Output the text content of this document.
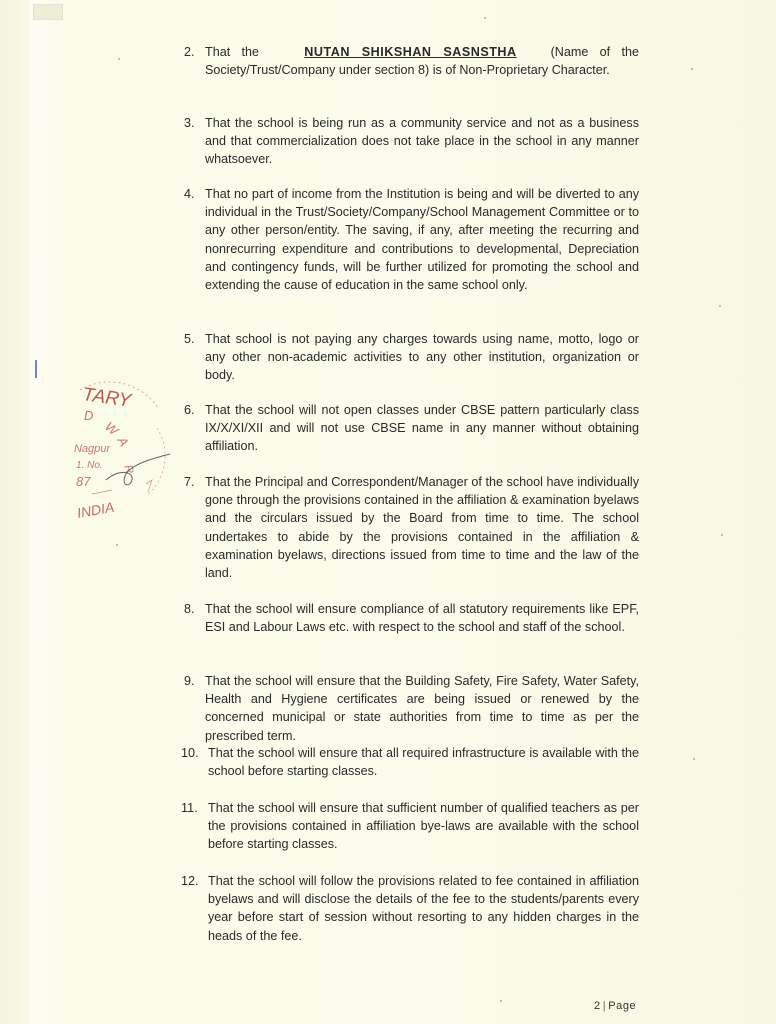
2. That the	NUTAN SHIKSHAN SASNSTHA	(Name of the Society/Trust/Company under section 8) is of Non-Proprietary Character.
3. That the school is being run as a community service and not as a business and that commercialization does not take place in the school in any manner whatsoever.
4. That no part of income from the Institution is being and will be diverted to any individual in the Trust/Society/Company/School Management Committee or to any other person/entity. The saving, if any, after meeting the recurring and nonrecurring expenditure and contributions to developmental, Depreciation and contingency funds, will be further utilized for promoting the school and extending the cause of education in the same school only.
5. That school is not paying any charges towards using name, motto, logo or any other non-academic activities to any other institution, organization or body.
6. That the school will not open classes under CBSE pattern particularly class IX/X/XI/XII and will not use CBSE name in any manner without obtaining affiliation.
7. That the Principal and Correspondent/Manager of the school have individually gone through the provisions contained in the affiliation & examination byelaws and the circulars issued by the Board from time to time. The school undertakes to abide by the provisions contained in the affiliation & examination byelaws, directions issued from time to time and the law of the land.
8. That the school will ensure compliance of all statutory requirements like EPF, ESI and Labour Laws etc. with respect to the school and staff of the school.
9. That the school will ensure that the Building Safety, Fire Safety, Water Safety, Health and Hygiene certificates are being issued or renewed by the concerned municipal or state authorities from time to time as per the prescribed term.
10. That the school will ensure that all required infrastructure is available with the school before starting classes.
11. That the school will ensure that sufficient number of qualified teachers as per the provisions contained in affiliation bye-laws are available with the school before starting classes.
12. That the school will follow the provisions related to fee contained in affiliation byelaws and will disclose the details of the fee to the students/parents every year before start of session without resorting to any hidden charges in the heads of the fee.
TARY
D
W
A
Nagpur
1. No.
87
R
INDIA
2 | Page
